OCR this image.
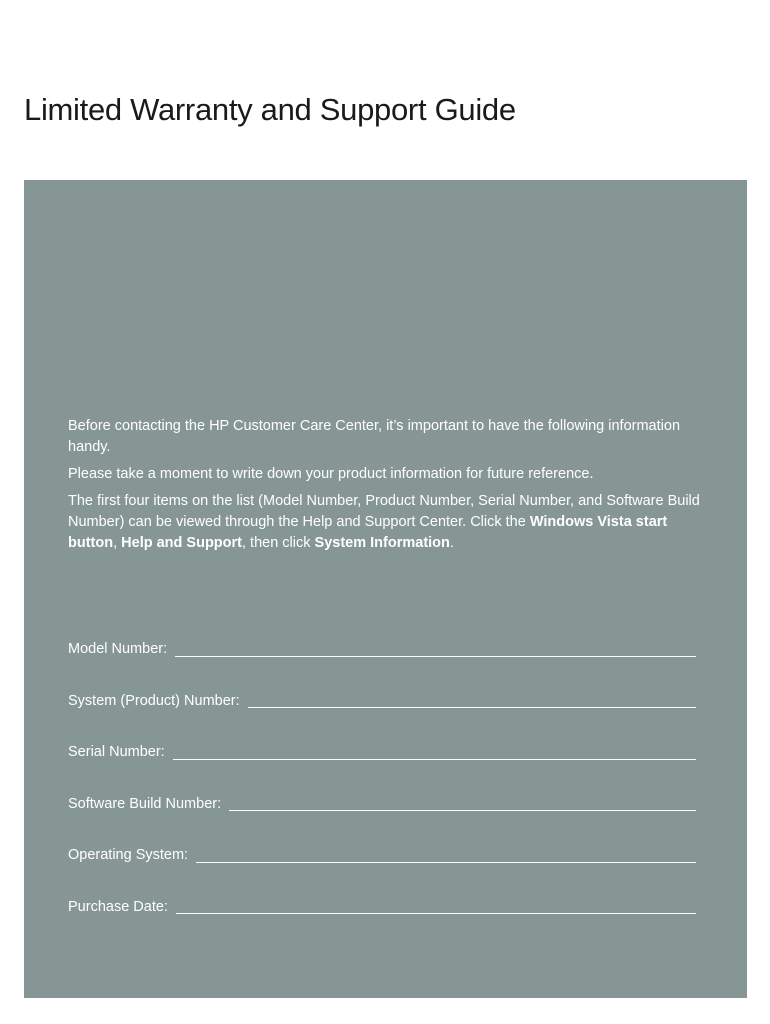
Limited Warranty and Support Guide

Before contacting the HP Customer Care Center, it’s important to have the following information handy.

Please take a moment to write down your product information for future reference.

The first four items on the list (Model Number, Product Number, Serial Number, and Software Build Number) can be viewed through the Help and Support Center. Click the Windows Vista start button, Help and Support, then click System Information.

Model Number:
System (Product) Number:
Serial Number:
Software Build Number:
Operating System:
Purchase Date:
